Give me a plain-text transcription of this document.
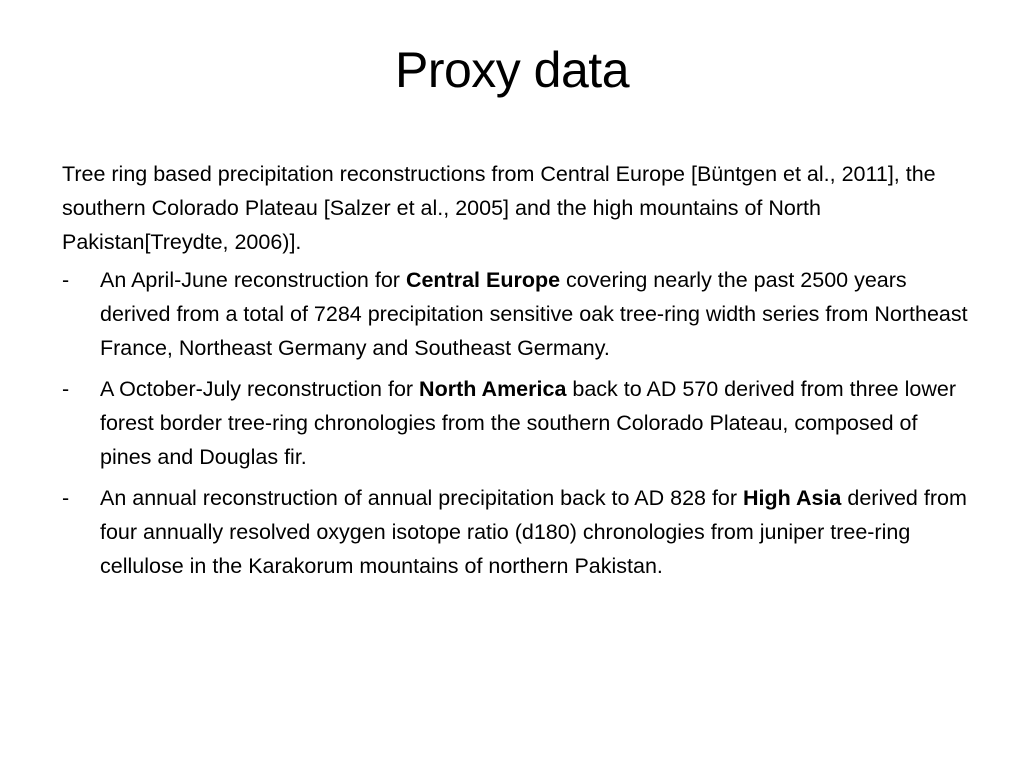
Proxy data

Tree ring based precipitation reconstructions from Central Europe [Büntgen et al., 2011], the southern Colorado Plateau [Salzer et al., 2005] and the high mountains of North Pakistan[Treydte, 2006)].

-	An April-June reconstruction for Central Europe covering nearly the past 2500 years derived from a total of 7284 precipitation sensitive oak tree-ring width series from Northeast France, Northeast Germany and Southeast Germany.
-	A October-July reconstruction for North America back to AD 570 derived from three lower forest border tree-ring chronologies from the southern Colorado Plateau, composed of pines and Douglas fir.
-	An annual reconstruction of annual precipitation back to AD 828 for High Asia derived from four annually resolved oxygen isotope ratio (d180) chronologies from juniper tree-ring cellulose in the Karakorum mountains of northern Pakistan.
